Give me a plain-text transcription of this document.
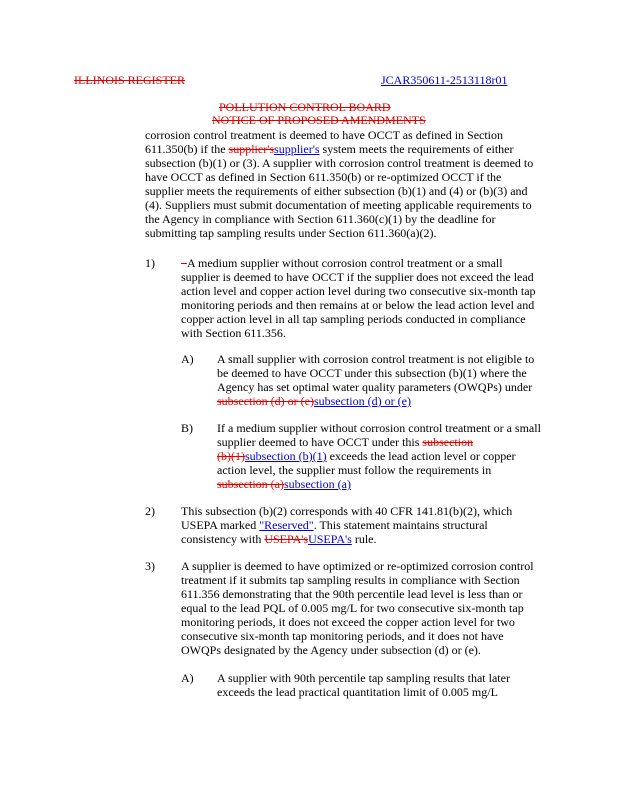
ILLINOIS REGISTER	JCAR350611-2513118r01
POLLUTION CONTROL BOARD
NOTICE OF PROPOSED AMENDMENTS
corrosion control treatment is deemed to have OCCT as defined in Section
611.350(b) if the supplier'ssupplier's system meets the requirements of either
subsection (b)(1) or (3). A supplier with corrosion control treatment is deemed to
have OCCT as defined in Section 611.350(b) or re-optimized OCCT if the
supplier meets the requirements of either subsection (b)(1) and (4) or (b)(3) and
(4). Suppliers must submit documentation of meeting applicable requirements to
the Agency in compliance with Section 611.360(c)(1) by the deadline for
submitting tap sampling results under Section 611.360(a)(2).
1)	A medium supplier without corrosion control treatment or a small
supplier is deemed to have OCCT if the supplier does not exceed the lead
action level and copper action level during two consecutive six-month tap
monitoring periods and then remains at or below the lead action level and
copper action level in all tap sampling periods conducted in compliance
with Section 611.356.
A) A small supplier with corrosion control treatment is not eligible to
be deemed to have OCCT under this subsection (b)(1) where the
Agency has set optimal water quality parameters (OWQPs) under
subsection (d) or (e)subsection (d) or (e)
B) If a medium supplier without corrosion control treatment or a small
supplier deemed to have OCCT under this subsection
(b)(1)subsection (b)(1) exceeds the lead action level or copper
action level, the supplier must follow the requirements in
subsection (a)subsection (a)
2) This subsection (b)(2) corresponds with 40 CFR 141.81(b)(2), which
USEPA marked "Reserved". This statement maintains structural
consistency with USEPA'sUSEPA's rule.
3) A supplier is deemed to have optimized or re-optimized corrosion control
treatment if it submits tap sampling results in compliance with Section
611.356 demonstrating that the 90th percentile lead level is less than or
equal to the lead PQL of 0.005 mg/L for two consecutive six-month tap
monitoring periods, it does not exceed the copper action level for two
consecutive six-month tap monitoring periods, and it does not have
OWQPs designated by the Agency under subsection (d) or (e).
A) A supplier with 90th percentile tap sampling results that later
exceeds the lead practical quantitation limit of 0.005 mg/L
